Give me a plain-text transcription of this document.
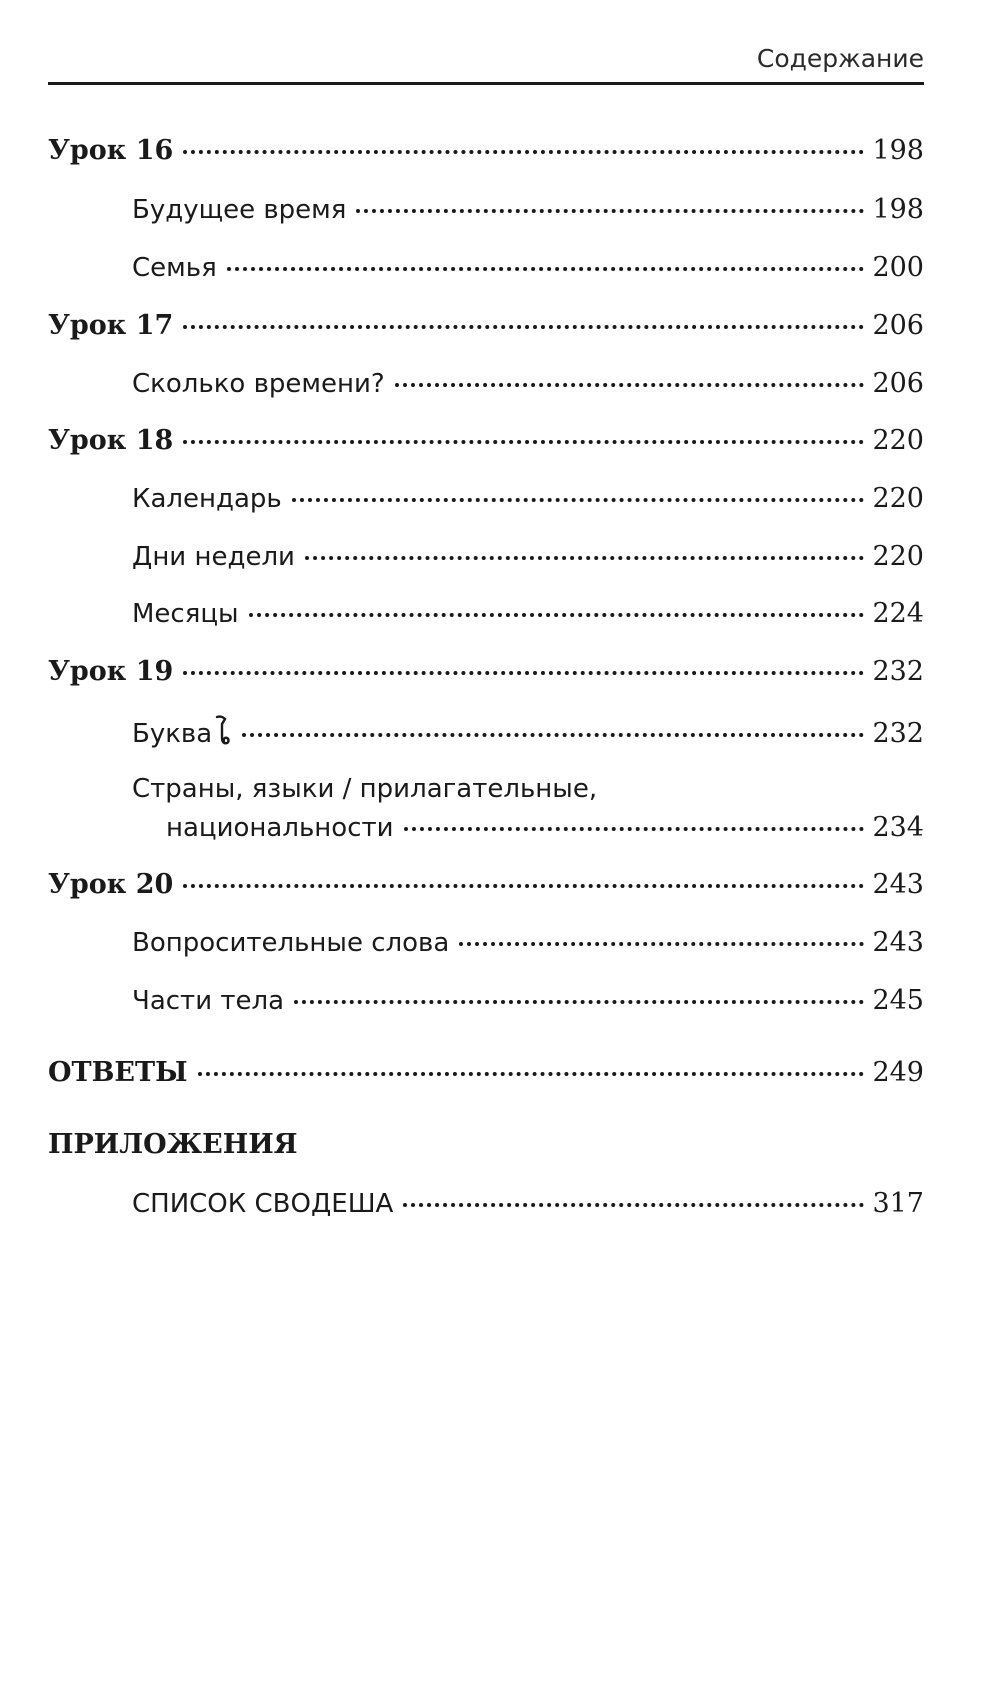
Содержание
Урок 16	198
Будущее время	198
Семья	200
Урок 17	206
Сколько времени?	206
Урок 18	220
Календарь	220
Дни недели	220
Месяцы	224
Урок 19	232
Буква	232
Страны, языки / прилагательные,
национальности	234
Урок 20	243
Вопросительные слова	243
Части тела	245
ОТВЕТЫ	249
ПРИЛОЖЕНИЯ
СПИСОК СВОДЕША	317
